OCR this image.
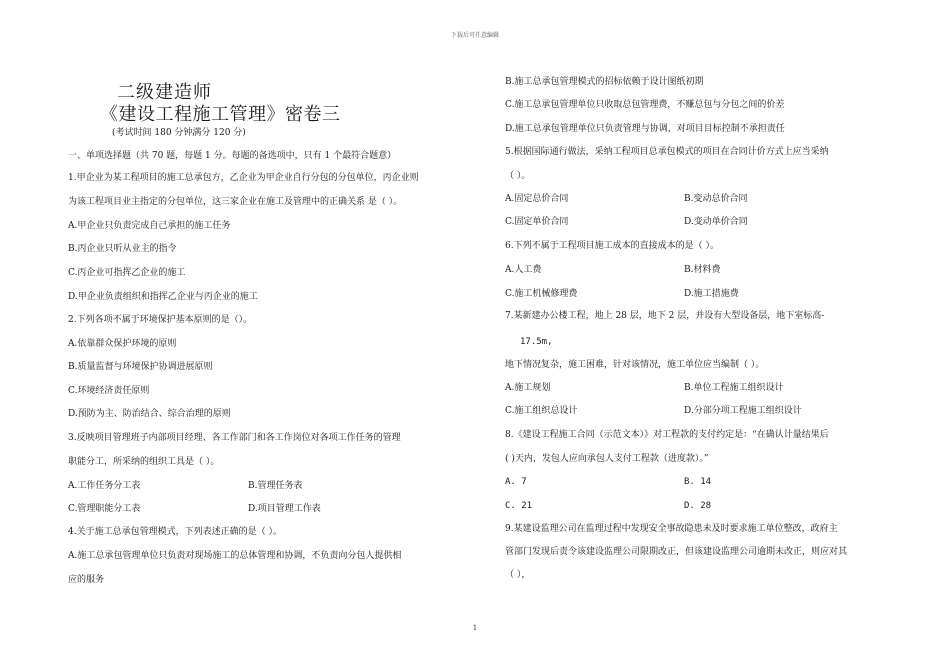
下载后可任意编辑
二级建造师
《建设工程施工管理》密卷三
(考试时间 180 分钟满分 120 分)
一、单项选择题（共 70 题，每题 1 分。每题的备选项中，只有 1 个最符合题意）
1.甲企业为某工程项目的施工总承包方，乙企业为甲企业自行分包的分包单位，丙企业则
为该工程项目业主指定的分包单位，这三家企业在施工及管理中的正确关系 是（ ）。
A.甲企业只负责完成自己承担的施工任务
B.丙企业只听从业主的指令
C.丙企业可指挥乙企业的施工
D.甲企业负责组织和指挥乙企业与丙企业的施工
2.下列各项不属于环境保护基本原则的是（）。
A.依靠群众保护环境的原则
B.质量监督与环境保护协调进展原则
C.环境经济责任原则
D.预防为主、防治结合、综合治理的原则
3.反映项目管理班子内部项目经理、各工作部门和各工作岗位对各项工作任务的管理
职能分工，所采纳的组织工具是（ ）。
A.工作任务分工表	B.管理任务表
C.管理职能分工表	D.项目管理工作表
4.关于施工总承包管理模式，下列表述正确的是（ ）。
A.施工总承包管理单位只负责对现场施工的总体管理和协调，不负责向分包人提供相
应的服务
B.施工总承包管理模式的招标依赖于设计图纸初期
C.施工总承包管理单位只收取总包管理费，不赚总包与分包之间的价差
D.施工总承包管理单位只负责管理与协调，对项目目标控制不承担责任
5.根据国际通行做法，采纳工程项目总承包模式的项目在合同计价方式上应当采纳
（ ）。
A.固定总价合同	B.变动总价合同
C.固定单价合同	D.变动单价合同
6.下列不属于工程项目施工成本的直接成本的是（ ）。
A.人工费	B.材料费
C.施工机械修理费	D.施工措施费
7.某新建办公楼工程，地上 28 层，地下 2 层，并设有大型设备层，地下室标高-
17.5m,
地下情况复杂，施工困难，针对该情况，施工单位应当编制（ ）。
A.施工规划	B.单位工程施工组织设计
C.施工组织总设计	D.分部分项工程施工组织设计
8.《建设工程施工合同（示范文本）》对工程款的支付约定是：“在确认计量结果后
( )天内，发包人应向承包人支付工程款（进度款）。”
A. 7	B. 14
C. 21	D. 28
9.某建设监理公司在监理过程中发现安全事故隐患未及时要求施工单位整改，政府主
管部门发现后责令该建设监理公司限期改正，但该建设监理公司逾期未改正，则应对其
（ ），
1
